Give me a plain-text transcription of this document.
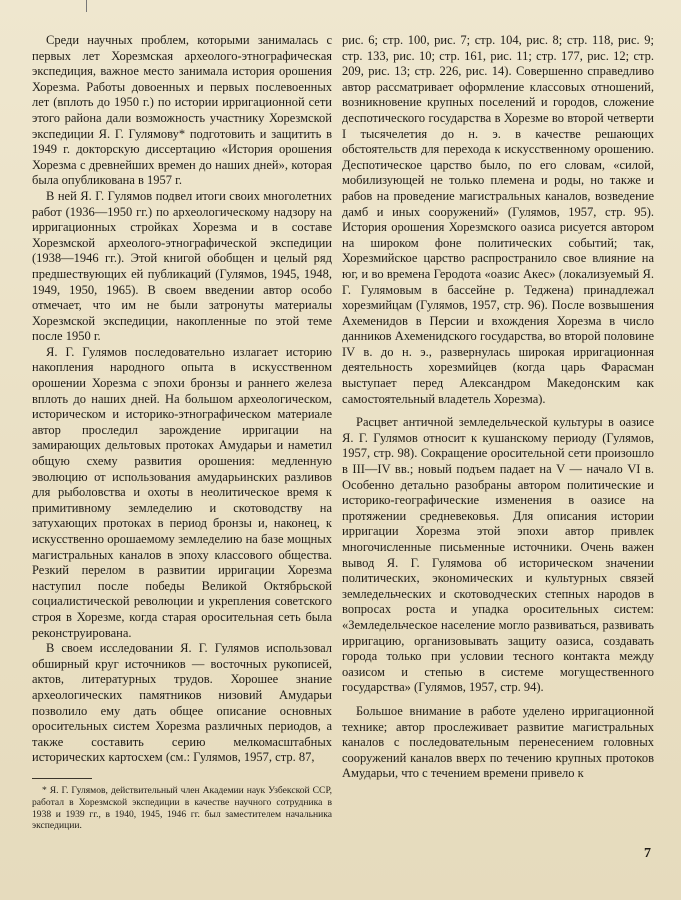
Среди научных проблем, которыми занималась с первых лет Хорезмская археолого-этнографическая экспедиция, важное место занимала история орошения Хорезма. Работы довоенных и первых послевоенных лет (вплоть до 1950 г.) по истории ирригационной сети этого района дали возможность участнику Хорезмской экспедиции Я. Г. Гулямову* подготовить и защитить в 1949 г. докторскую диссертацию «История орошения Хорезма с древнейших времен до наших дней», которая была опубликована в 1957 г.

В ней Я. Г. Гулямов подвел итоги своих многолетних работ (1936—1950 гг.) по археологическому надзору на ирригационных стройках Хорезма и в составе Хорезмской археолого-этнографической экспедиции (1938—1946 гг.). Этой книгой обобщен и целый ряд предшествующих ей публикаций (Гулямов, 1945, 1948, 1949, 1950, 1965). В своем введении автор особо отмечает, что им не были затронуты материалы Хорезмской экспедиции, накопленные по этой теме после 1950 г.

Я. Г. Гулямов последовательно излагает историю накопления народного опыта в искусственном орошении Хорезма с эпохи бронзы и раннего железа вплоть до наших дней. На большом археологическом, историческом и историко-этнографическом материале автор проследил зарождение ирригации на замирающих дельтовых протоках Амударьи и наметил общую схему развития орошения: медленную эволюцию от использования амударьинских разливов для рыболовства и охоты в неолитическое время к примитивному земледелию и скотоводству на затухающих протоках в период бронзы и, наконец, к искусственно орошаемому земледелию на базе мощных магистральных каналов в эпоху классового общества. Резкий перелом в развитии ирригации Хорезма наступил после победы Великой Октябрьской социалистической революции и укрепления советского строя в Хорезме, когда старая оросительная сеть была реконструирована.

В своем исследовании Я. Г. Гулямов использовал обширный круг источников — восточных рукописей, актов, литературных трудов. Хорошее знание археологических памятников низовий Амударьи позволило ему дать общее описание основных оросительных систем Хорезма различных периодов, а также составить серию мелкомасштабных исторических картосхем (см.: Гулямов, 1957, стр. 87,

* Я. Г. Гулямов, действительный член Академии наук Узбекской ССР, работал в Хорезмской экспедиции в качестве научного сотрудника в 1938 и 1939 гг., в 1940, 1945, 1946 гг. был заместителем начальника экспедиции.

рис. 6; стр. 100, рис. 7; стр. 104, рис. 8; стр. 118, рис. 9; стр. 133, рис. 10; стр. 161, рис. 11; стр. 177, рис. 12; стр. 209, рис. 13; стр. 226, рис. 14). Совершенно справедливо автор рассматривает оформление классовых отношений, возникновение крупных поселений и городов, сложение деспотического государства в Хорезме во второй четверти I тысячелетия до н. э. в качестве решающих обстоятельств для перехода к искусственному орошению. Деспотическое царство было, по его словам, «силой, мобилизующей не только племена и роды, но также и рабов на проведение магистральных каналов, возведение дамб и иных сооружений» (Гулямов, 1957, стр. 95). История орошения Хорезмского оазиса рисуется автором на широком фоне политических событий; так, Хорезмийское царство распространило свое влияние на юг, и во времена Геродота «оазис Акес» (локализуемый Я. Г. Гулямовым в бассейне р. Теджена) принадлежал хорезмийцам (Гулямов, 1957, стр. 96). После возвышения Ахеменидов в Персии и вхождения Хорезма в число данников Ахеменидского государства, во второй половине IV в. до н. э., развернулась широкая ирригационная деятельность хорезмийцев (когда царь Фарасман выступает перед Александром Македонским как самостоятельный владетель Хорезма).

Расцвет античной земледельческой культуры в оазисе Я. Г. Гулямов относит к кушанскому периоду (Гулямов, 1957, стр. 98). Сокращение оросительной сети произошло в III—IV вв.; новый подъем падает на V — начало VI в. Особенно детально разобраны автором политические и историко-географические изменения в оазисе на протяжении средневековья. Для описания истории ирригации Хорезма этой эпохи автор привлек многочисленные письменные источники. Очень важен вывод Я. Г. Гулямова об историческом значении политических, экономических и культурных связей земледельческих и скотоводческих степных народов в вопросах роста и упадка оросительных систем: «Земледельческое население могло развиваться, развивать ирригацию, организовывать защиту оазиса, создавать города только при условии тесного контакта между оазисом и степью в системе могущественного государства» (Гулямов, 1957, стр. 94).

Большое внимание в работе уделено ирригационной технике; автор прослеживает развитие магистральных каналов с последовательным перенесением головных сооружений каналов вверх по течению крупных протоков Амударьи, что с течением времени привело к

7
